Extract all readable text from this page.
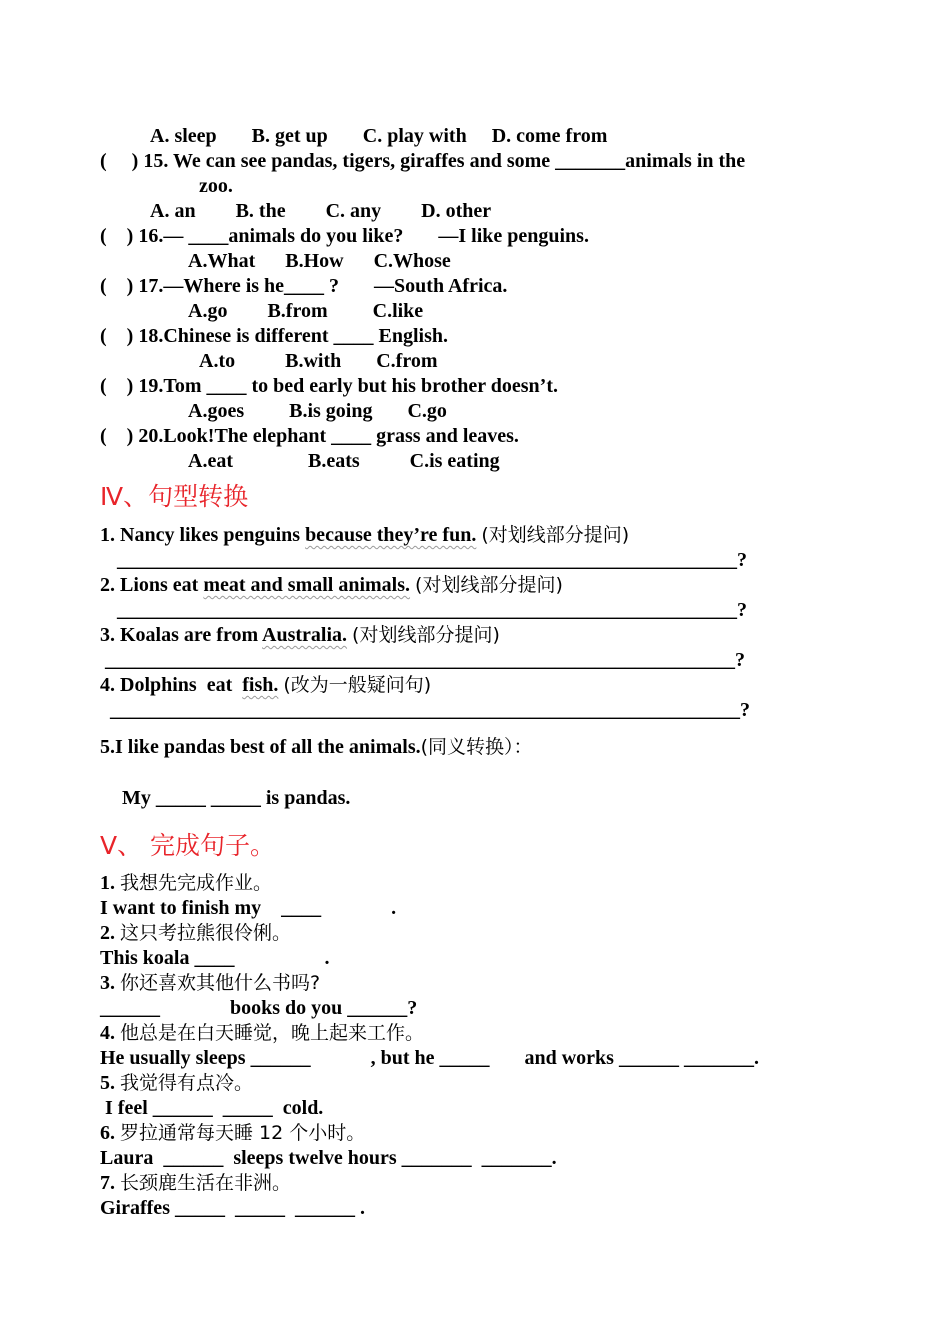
A. sleep       B. get up       C. play with     D. come from
(     ) 15. We can see pandas, tigers, giraffes and some _______animals in the
zoo.
A. an        B. the        C. any        D. other
(    ) 16.— ____animals do you like?       —I like penguins.
A.What      B.How      C.Whose
(    ) 17.—Where is he____ ?       —South Africa.
A.go        B.from         C.like
(    ) 18.Chinese is different ____ English.
A.to          B.with       C.from
(    ) 19.Tom ____ to bed early but his brother doesn’t.
A.goes         B.is going       C.go
(    ) 20.Look!The elephant ____ grass and leaves.
A.eat               B.eats          C.is eating
Ⅳ、句型转换
1. Nancy likes penguins because they’re fun. (对划线部分提问)
______________________________________________________________?
2. Lions eat meat and small animals. (对划线部分提问)
______________________________________________________________?
3. Koalas are from Australia. (对划线部分提问)
_______________________________________________________________?
4. Dolphins  eat  fish. (改为一般疑问句)
_______________________________________________________________?
5.I like pandas best of all the animals.(同义转换）：
My _____ _____ is pandas.
Ⅴ、 完成句子。
1. 我想先完成作业。
I want to finish my    ____              .
2. 这只考拉熊很伶俐。
This koala ____                  .
3. 你还喜欢其他什么书吗?
______              books do you ______?
4. 他总是在白天睡觉，晚上起来工作。
He usually sleeps ______            , but he _____       and works ______ _______.
5. 我觉得有点冷。
I feel ______  _____  cold.
6. 罗拉通常每天睡 12 个小时。
Laura  ______  sleeps twelve hours _______  _______.
7. 长颈鹿生活在非洲。
Giraffes _____  _____  ______ .
